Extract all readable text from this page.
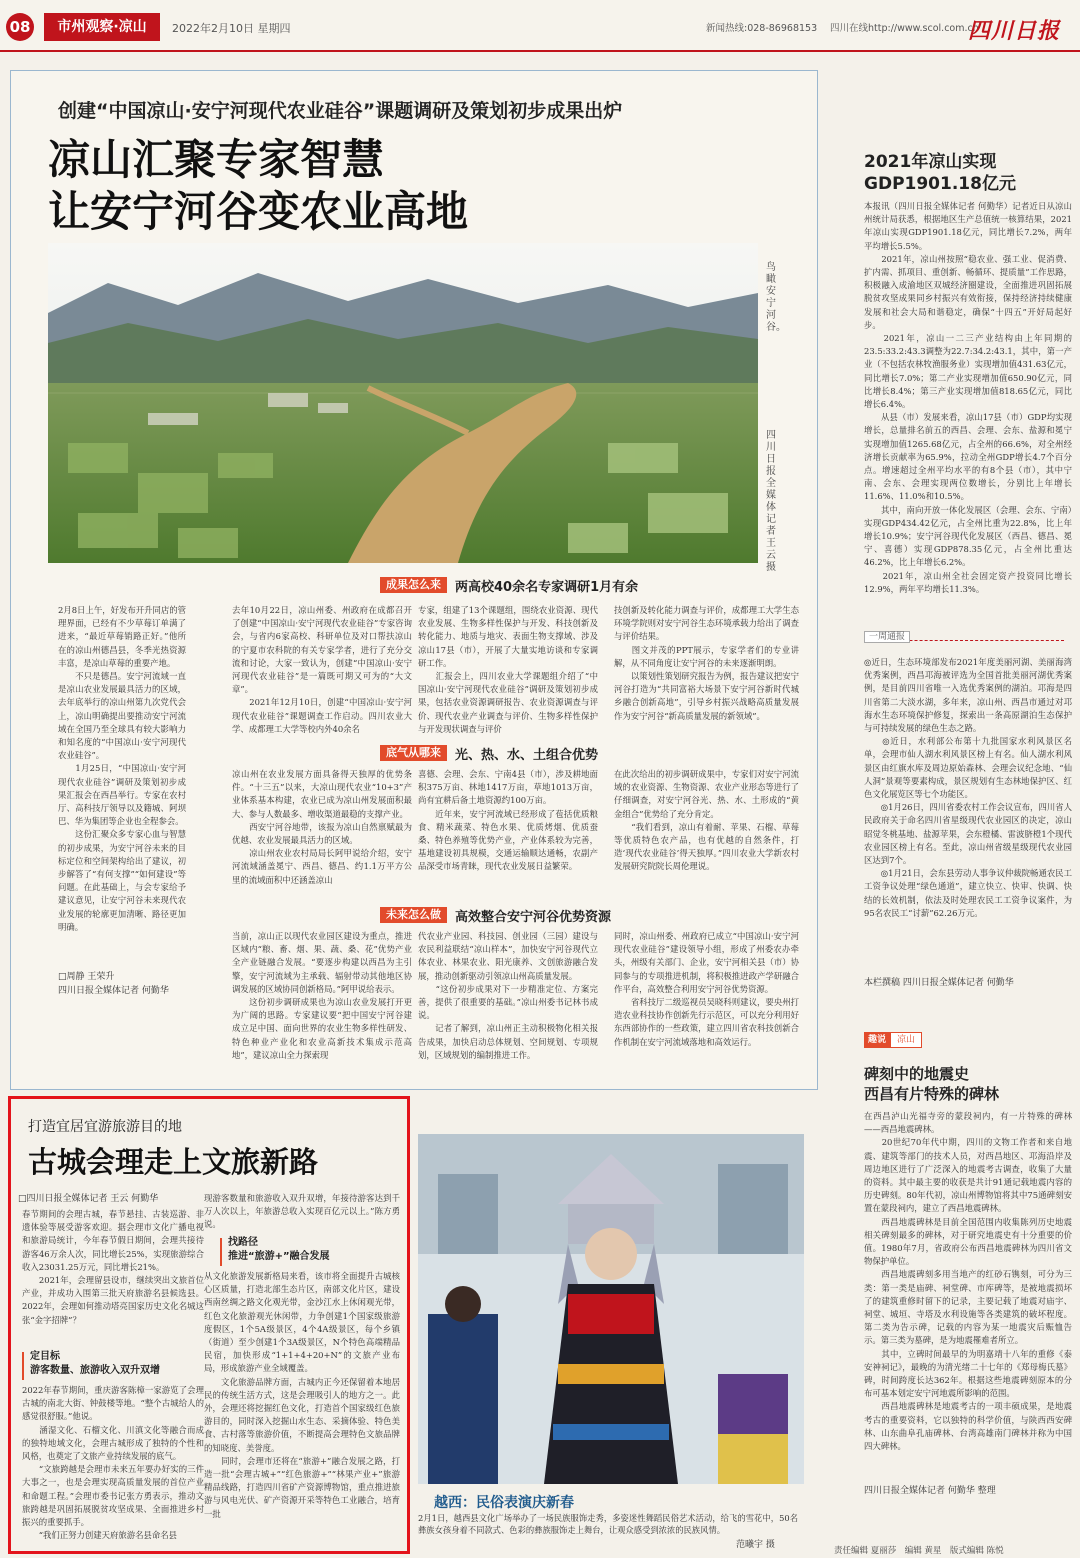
08	市州观察·凉山	2022年2月10日 星期四	新闻热线:028-86968153 四川在线http://www.scol.com.cn
四川日报
创建“中国凉山·安宁河现代农业硅谷”课题调研及策划初步成果出炉
凉山汇聚专家智慧
让安宁河谷变农业高地
鸟瞰安宁河谷。
四川日报全媒体记者 王云 摄
成果怎么来	两高校40余名专家调研1月有余
2月8日上午，好发布开升同店的管理界面，已经有不少草莓订单满了进来，“最近草莓销路正好。”他所在的凉山州德昌县，冬季光热资源丰富，是凉山草莓的重要产地。
　　不只是德昌。安宁河流域一直是凉山农业发展最具活力的区域，去年底举行的凉山州第九次党代会上，凉山明确提出要推动安宁河流域在全国乃至全球具有较大影响力和知名度的“中国凉山·安宁河现代农业硅谷”。
　　1月25日，“中国凉山·安宁河现代农业硅谷”调研及策划初步成果汇报会在西昌举行。专家在农村厅、高科技厅领导以及籍城、阿坝巴、华为集团等企业也全程参会。
　　这份汇聚众多专家心血与智慧的初步成果，为安宁河谷未来的目标定位和空间架构给出了建议，初步解答了“有何支撑”“如何建设”等问题。在此基础上，与会专家给予建议意见，让安宁河谷未来现代农业发展的轮廓更加清晰、路径更加明确。
□周静 王荣升
四川日报全媒体记者 何勤华
去年10月22日，凉山州委、州政府在成都召开了创建“中国凉山·安宁河现代农业硅谷”专家咨询会，与省内6家高校、科研单位及对口帮扶凉山的宁夏市农科院的有关专家学者，进行了充分交流和讨论，大家一致认为，创建“中国凉山·安宁河现代农业硅谷”是一篇既可期又可为的“大文章”。
　　2021年12月10日，创建“中国凉山·安宁河现代农业硅谷”课题调查工作启动。四川农业大学、成都理工大学等校内外40余名
专家，组建了13个课题组，围绕农业资源、现代农业发展、生物多样性保护与开发、科技创新及转化能力、地质与地灾、表面生物支撑域、涉及凉山17县（市），开展了大量实地访谈和专家调研工作。
　　汇报会上，四川农业大学课题组介绍了“中国凉山·安宁河现代农业硅谷”调研及策划初步成果，包括农业资源调研报告、农业资源调查与评价、现代农业产业调查与评价、生物多样性保护与开发现状调查与评价
技创新及转化能力调查与评价，成都理工大学生态环境学院则对安宁河谷生态环境承载力给出了调查与评价结果。
　　图文并茂的PPT展示，专家学者们的专业讲解，从不同角度让安宁河谷的未来逐渐明朗。
　　以策划性策划研究报告为例，报告建议把安宁河谷打造为“共同富裕大场景下安宁河谷新时代城乡融合创新高地”，引导乡村振兴战略高质量发展作为安宁河谷“新高质量发展的新领域”。
底气从哪来	光、热、水、土组合优势
凉山州在农业发展方面具备得天独厚的优势条件。“十三五”以来，大凉山现代农业“10+3”产业体系基本构建，农业已成为凉山州发展面积最大、参与人数最多、增收渠道最稳的支撑产业。
　　西安宁河谷地带，该报为凉山自然禀赋最为优越、农业发展最具活力的区域。
　　凉山州农业农村局局长阿甲说给介绍，安宁河流域涵盖冕宁、西昌、德昌、约1.1万平方公里的流域面积中还涵盖凉山
喜德、会理、会东、宁南4县（市），涉及耕地面积375万亩、林地1417万亩，草地1013万亩，尚有宜耕后备土地资源约100万亩。
　　近年来，安宁河流域已经形成了苞括优质粮食、精米蔬菜、特色水果、优质烤烟、优质蚕桑、特色养殖等优势产业，产业体系较为完善，基地建设初具规模，交通运输顺达通畅，农副产品深受市场青睐，现代农业发展日益繁荣。
在此次给出的初步调研成果中，专家们对安宁河流域的农业资源、生物资源、农业产业形态等进行了仔细调查，对安宁河谷光、热、水、土形成的“黄金组合”优势给了充分肯定。
　　“我们看到，凉山有着耐、苹果、石榴、草莓等优质特色农产品，也有优越的自然条件，打造‘现代农业硅谷’得天独厚。”四川农业大学新农村发展研究院院长周伦理说。
未来怎么做	高效整合安宁河谷优势资源
当前，凉山正以现代农业园区建设为重点，推进区域内“粮、畜、烟、果、蔬、桑、花”优势产业全产业链融合发展。“要逐步构建以西昌为主引擎，安宁河流域为主承载、辐射带动其他地区协调发展的区域协同创新格局。”阿甲说给表示。
　　这份初步调研成果也为凉山农业发展打开更为广阔的思路。专家建议要“把中国安宁河谷建成立足中国、面向世界的农业生物多样性研发、特色种业产业化和农业高新技术集成示范高地”，建议凉山全力探索现
代农业产业园、科技园、创业园（三园）建设与农民利益联结“凉山样本”，加快安宁河谷现代立体农业、林果农业、阳光康养、文创旅游融合发展，推动创新驱动引领凉山州高质量发展。
　　“这份初步成果对下一步精准定位、方案完善，提供了很重要的基础。”凉山州委书记林书成说。
　　记者了解到，凉山州正主动积极物化相关报告成果，加快启动总体规划、空间规划、专项规划，区域规划的编制推进工作。
同时，凉山州委、州政府已成立“中国凉山·安宁河现代农业硅谷”建设领导小组，形成了州委农办牵头，州级有关部门、企业，安宁河相关县（市）协同参与的专项推进机制，将积极推进政产学研融合作平台，高效整合利用安宁河谷优势资源。
　　省科技厅二级巡视员吴晓科则建议，要央州打造农业科技协作创新先行示范区，可以充分利用好东西部协作的一些政策，建立四川省农科技创新合作机制在安宁河流域落地和高效运行。
2021年凉山实现
GDP1901.18亿元
本报讯（四川日报全媒体记者 何勤华）记者近日从凉山州统计局获悉，根据地区生产总值统一核算结果，2021年凉山实现GDP1901.18亿元，同比增长7.2%，两年平均增长5.5%。
　　2021年，凉山州按照“稳农业、强工业、促消费、扩内需、抓项目、重创新、畅循环、提质量”工作思路，积极融入成渝地区双城经济圈建设，全面推进巩固拓展脱贫攻坚成果同乡村振兴有效衔接，保持经济持续健康发展和社会大局和谐稳定，确保“十四五”开好局起好步。
　　2021年，凉山一二三产业结构由上年同期的23.5:33.2:43.3调整为22.7:34.2:43.1，其中，第一产业（不包括农林牧渔服务业）实现增加值431.63亿元，同比增长7.0%；第二产业实现增加值650.90亿元，同比增长8.4%；第三产业实现增加值818.65亿元，同比增长6.4%。
　　从县（市）发展来看，凉山17县（市）GDP均实现增长，总量排名前五的西昌、会理、会东、盐源和冕宁实现增加值1265.68亿元，占全州的66.6%，对全州经济增长贡献率为65.9%，拉动全州GDP增长4.7个百分点。增速超过全州平均水平的有8个县（市），其中宁南、会东、会理实现两位数增长，分别比上年增长11.6%、11.0%和10.5%。
　　其中，南向开放一体化发展区（会理、会东、宁南）实现GDP434.42亿元，占全州比重为22.8%，比上年增长10.9%；安宁河谷现代化发展区（西昌、德昌、冕宁、喜德）实现GDP878.35亿元，占全州比重达46.2%，比上年增长6.2%。
　　2021年，凉山州全社会固定资产投资同比增长12.9%，两年平均增长11.3%。
一周通报
◎近日，生态环境部发布2021年度美丽河湖、美丽海湾优秀案例，西昌邛海被评选为全国首批美丽河湖优秀案例，是目前四川省唯一入选优秀案例的湖泊。邛海是四川省第二大淡水湖，多年来，凉山州、西昌市通过对邛海水生态环境保护修复，探索出一条高原湖泊生态保护与可持续发展的绿色生态之路。
　　◎近日，水利部公布第十九批国家水利风景区名单，会理市仙人湖水利风景区榜上有名。仙人湖水利风景区由红旗水库及周边原始森林、会理会议纪念地、“仙人洞”景观等要素构成，景区规划有生态林地保护区、红色文化展览区等七个功能区。
　　◎1月26日，四川省委农村工作会议宣布，四川省人民政府关于命名四川省星级现代农业园区的决定，凉山昭觉冬桃基地、盐源苹果，会东橙橘、雷波脐橙1个现代农业园区榜上有名。至此，凉山州省级星级现代农业园区达到7个。
　　◎1月21日，会东县劳动人事争议仲裁院畅通农民工工资争议处理“绿色通道”，建立快立、快审、快调、快结的长效机制，依法及时处理农民工工资争议案件，为95名农民工“讨薪”62.26万元。
本栏撰稿 四川日报全媒体记者 何勤华
趣说	凉山
碑刻中的地震史
西昌有片特殊的碑林
在西昌泸山光福寺旁的蒙段祠内，有一片特殊的碑林——西昌地震碑林。
　　20世纪70年代中期，四川的文物工作者和来自地震、建筑等部门的技术人员，对西昌地区、邛海沿岸及周边地区进行了广泛深入的地震考古调查，收集了大量的资料。其中最主要的收获是共计91通记载地震内容的历史碑刻。80年代初，凉山州博物馆将其中75通碑刻安置在蒙段祠内，建立了西昌地震碑林。
　　西昌地震碑林是目前全国范围内收集陈列历史地震相关碑刻最多的碑林，对于研究地震史有十分重要的价值。1980年7月，省政府公布西昌地震碑林为四川省文物保护单位。
　　西昌地震碑刻多用当地产的红砂石镌刻，可分为三类：第一类是庙碑、祠堂碑、市库碑等，是被地震损坏了的建筑重修时留下的记录，主要记载了地震对庙宇、祠堂、城垣、寺塔及水利设施等各类建筑的破坏程度。第二类为告示碑，记载的内容为某一地震灾后赈恤告示。第三类为墓碑，是为地震罹难者所立。
　　其中，立碑时间最早的为明嘉靖十八年的重修《泰安神祠记》，最晚的为清光绪二十七年的《郑母梅氏墓》碑，时间跨度长达362年。根据这些地震碑刻原本的分布可基本划定安宁河地震所影响的范围。
　　西昌地震碑林是地震考古的一项丰硕成果，是地震考古的重要资料，它以独特的科学价值，与陕西西安碑林、山东曲阜孔庙碑林、台湾高雄南门碑林并称为中国四大碑林。
四川日报全媒体记者 何勤华 整理
打造宜居宜游旅游目的地
古城会理走上文旅新路
□四川日报全媒体记者 王云 何勤华
春节期间的会理古城，春节悬挂、古装巡游、非遗体验等展受游客欢迎。据会理市文化广播电视和旅游局统计，今年春节假日期间，会理共接待游客46万余人次，同比增长25%，实现旅游综合收入23031.25万元，同比增长21%。
　　2021年，会理留县设市，继续突出文旅首位产业，并成功入围第三批天府旅游名县候选县。2022年，会理如何推动塔亮国家历史文化名城这张“金字招牌”？
定目标
游客数量、旅游收入双升双增
2022年春节期间，重庆游客陈樟一家游览了会理古城的南北大街、钟鼓楼等地。“整个古城给人的感觉很舒服。”他说。
　　涵湿文化、石榴文化、川滇文化等融合而成的独特地域文化，会理古城形成了独特的个性和风格，也奠定了文旅产业持续发展的底气。
　　“文旅跨越是会理市未来五年要办好实的三件大事之一，也是会理实现高质量发展的首位产业和命题工程。”会理市委书记张方勇表示，推动文旅跨越是巩固拓展脱贫攻坚成果、全面推进乡村振兴的重要抓手。
　　“我们正努力创建天府旅游名县命名县
现游客数量和旅游收入双升双增，年接待游客达到千万人次以上，年旅游总收入实现百亿元以上。”陈方勇说。
找路径
推进“旅游+”融合发展
从文化旅游发展新格局来看，该市将全面提升古城核心区质量，打造北部生态片区，南部文化片区，建设西南丝绸之路文化观光带，金沙江水上休闲观光带，红色文化旅游观光休闲带，力争创建1个国家级旅游度假区，1个5A级景区，4个4A级景区，每个乡镇（街道）至少创建1个3A级景区，N个特色高端精品民宿，加快形成“1+1+4+20+N”的文旅产业布局，形成旅游产业全域覆盖。
　　文化旅游品牌方面，古城内正今还保留着本地居民的传统生活方式，这是会理吸引人的地方之一。此外，会理还将挖掘红色文化，打造首个国家级红色旅游目的，同时深入挖掘山水生态、采摘体验、特色美食、古村落等旅游价值，不断提高会理特色文旅品牌的知晓度、美誉度。
　　同时，会理市还将在“旅游+”融合发展之路，打造一批“会理古城+”“红色旅游+”“林果产业+”旅游精品线路，打造四川省矿产资源博物馆，重点推进旅游与风电光伏、矿产资源开采等特色工业融合，培育一批
越西：民俗表演庆新春
2月1日，越西县文化广场举办了一场民族服饰走秀，多姿迷性舞蹈民俗艺术活动，给飞的雪花中，50名彝族女孩身着不同款式、色彩的彝族服饰走上舞台，让观众感受到浓浓的民族风情。
范曦宇 摄
责任编辑 夏丽莎　编辑 黄星　版式编辑 陈悦
